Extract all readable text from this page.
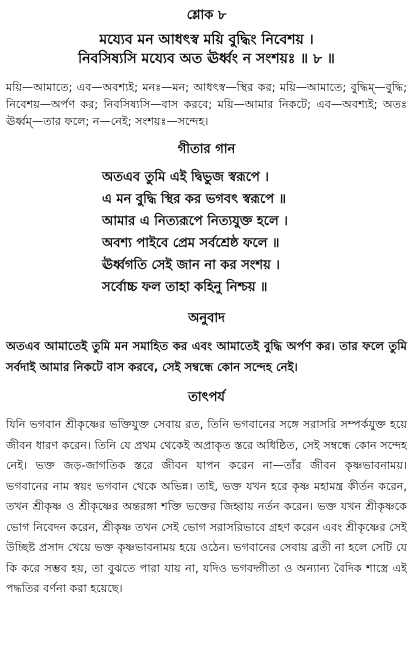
শ্লোক ৮
ময্যেব মন আধৎস্ব ময়ি বুদ্ধিং নিবেশয় ।
নিবসিষ্যসি ময্যেব অত ঊর্ধ্বং ন সংশয়ঃ ॥ ৮ ॥

ময়ি—আমাতে; এব—অবশ্যই; মনঃ—মন; আধৎস্ব—স্থির কর; ময়ি—আমাতে; বুদ্ধিম্—বুদ্ধি; নিবেশয়—অর্পণ কর; নিবসিষ্যসি—বাস করবে; ময়ি—আমার নিকটে; এব—অবশ্যই; অতঃ ঊর্ধ্বম্—তার ফলে; ন—নেই; সংশয়ঃ—সন্দেহ।

গীতার গান
অতএব তুমি এই দ্বিভুজ স্বরূপে ।
এ মন বুদ্ধি স্থির কর ভগবৎ স্বরূপে ॥
আমার এ নিত্যরূপে নিত্যযুক্ত হলে ।
অবশ্য পাইবে প্রেম সর্বশ্রেষ্ঠ ফলে ॥
ঊর্ধ্বগতি সেই জান না কর সংশয় ।
সর্বোচ্চ ফল তাহা কহিনু নিশ্চয় ॥
অনুবাদ

অতএব আমাতেই তুমি মন সমাহিত কর এবং আমাতেই বুদ্ধি অর্পণ কর। তার ফলে তুমি সর্বদাই আমার নিকটে বাস করবে, সেই সম্বন্ধে কোন সন্দেহ নেই।

তাৎপর্য

যিনি ভগবান শ্রীকৃষ্ণের ভক্তিযুক্ত সেবায় রত, তিনি ভগবানের সঙ্গে সরাসরি সম্পর্কযুক্ত হয়ে জীবন ধারণ করেন। তিনি যে প্রথম থেকেই অপ্রাকৃত স্তরে অধিষ্ঠিত, সেই সম্বন্ধে কোন সন্দেহ নেই। ভক্ত জড়-জাগতিক স্তরে জীবন যাপন করেন না—তাঁর জীবন কৃষ্ণভাবনাময়। ভগবানের নাম স্বয়ং ভগবান থেকে অভিন্ন। তাই, ভক্ত যখন হরে কৃষ্ণ মহামন্ত্র কীর্তন করেন, তখন শ্রীকৃষ্ণ ও শ্রীকৃষ্ণের অন্তরঙ্গা শক্তি ভক্তের জিহ্বায় নর্তন করেন। ভক্ত যখন শ্রীকৃষ্ণকে ভোগ নিবেদন করেন, শ্রীকৃষ্ণ তখন সেই ভোগ সরাসরিভাবে গ্রহণ করেন এবং শ্রীকৃষ্ণের সেই উচ্ছিষ্ট প্রসাদ খেয়ে ভক্ত কৃষ্ণভাবনাময় হয়ে ওঠেন। ভগবানের সেবায় ব্রতী না হলে সেটি যে কি করে সম্ভব হয়, তা বুঝতে পারা যায় না, যদিও ভগবদ্গীতা ও অন্যান্য বৈদিক শাস্ত্রে এই পদ্ধতির বর্ণনা করা হয়েছে।
